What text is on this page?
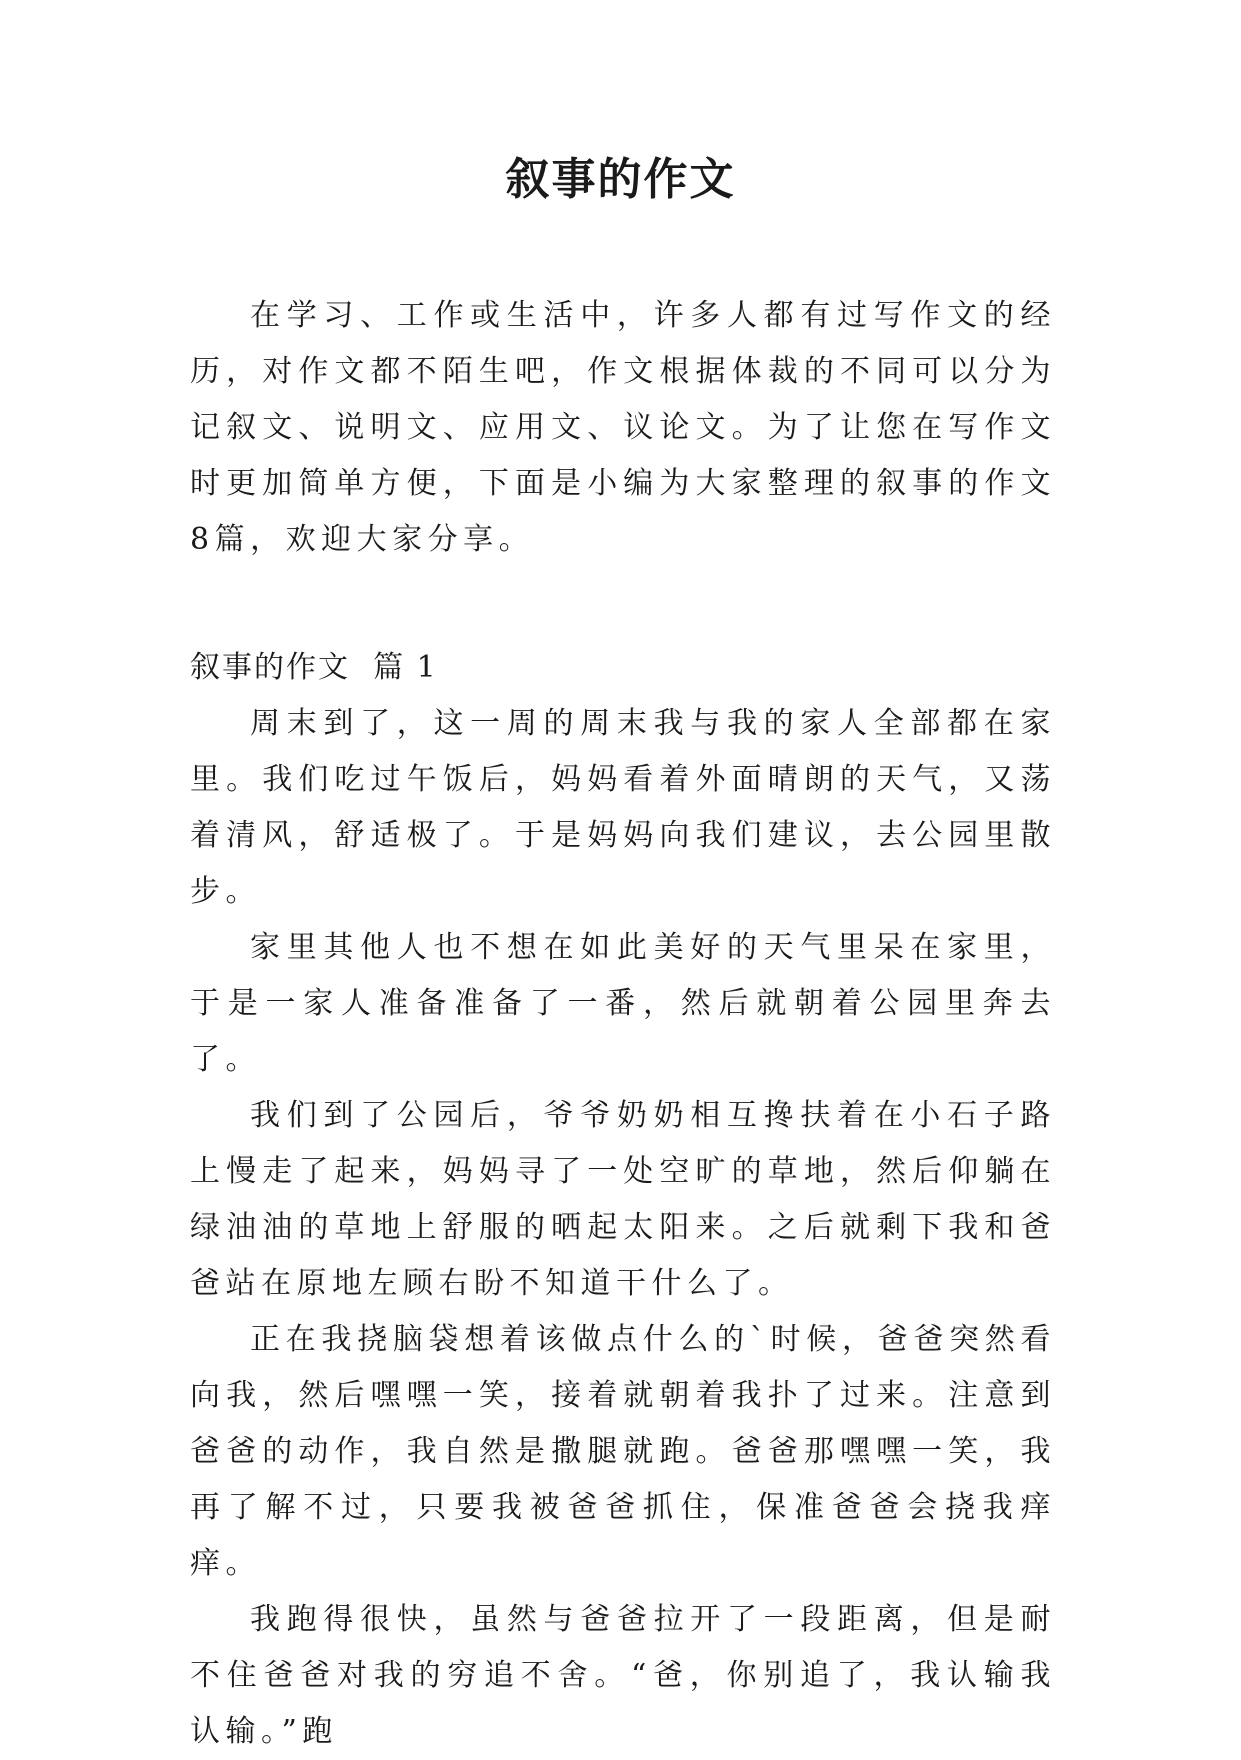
叙事的作文

在学习、工作或生活中，许多人都有过写作文的经历，对作文都不陌生吧，作文根据体裁的不同可以分为记叙文、说明文、应用文、议论文。为了让您在写作文时更加简单方便，下面是小编为大家整理的叙事的作文8篇，欢迎大家分享。

叙事的作文  篇 1

周末到了，这一周的周末我与我的家人全部都在家里。我们吃过午饭后，妈妈看着外面晴朗的天气，又荡着清风，舒适极了。于是妈妈向我们建议，去公园里散步。

家里其他人也不想在如此美好的天气里呆在家里，于是一家人准备准备了一番，然后就朝着公园里奔去了。

我们到了公园后，爷爷奶奶相互搀扶着在小石子路上慢走了起来，妈妈寻了一处空旷的草地，然后仰躺在绿油油的草地上舒服的晒起太阳来。之后就剩下我和爸爸站在原地左顾右盼不知道干什么了。

正在我挠脑袋想着该做点什么的`时候，爸爸突然看向我，然后嘿嘿一笑，接着就朝着我扑了过来。注意到爸爸的动作，我自然是撒腿就跑。爸爸那嘿嘿一笑，我再了解不过，只要我被爸爸抓住，保准爸爸会挠我痒痒。

我跑得很快，虽然与爸爸拉开了一段距离，但是耐不住爸爸对我的穷追不舍。“爸，你别追了，我认输我认输。”跑
